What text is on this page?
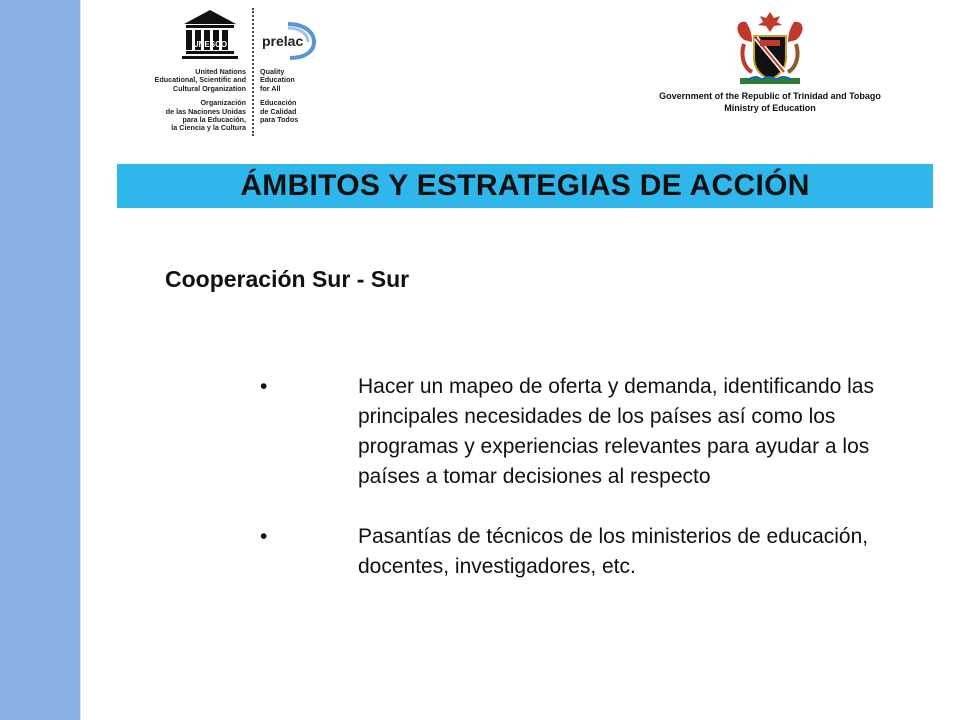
UNESCO
United Nations
Educational, Scientific and
Cultural Organization
Organización
de las Naciones Unidas
para la Educación,
la Ciencia y la Cultura
prelac
Quality
Education
for All
Educación
de Calidad
para Todos
Government of the Republic of Trinidad and Tobago
Ministry of Education
ÁMBITOS Y ESTRATEGIAS DE ACCIÓN
Cooperación Sur - Sur
•	Hacer un mapeo de oferta y demanda, identificando las principales necesidades de los países así como los programas y experiencias relevantes para ayudar a los países a tomar decisiones al respecto
•	Pasantías de técnicos de los ministerios de educación, docentes, investigadores, etc.
